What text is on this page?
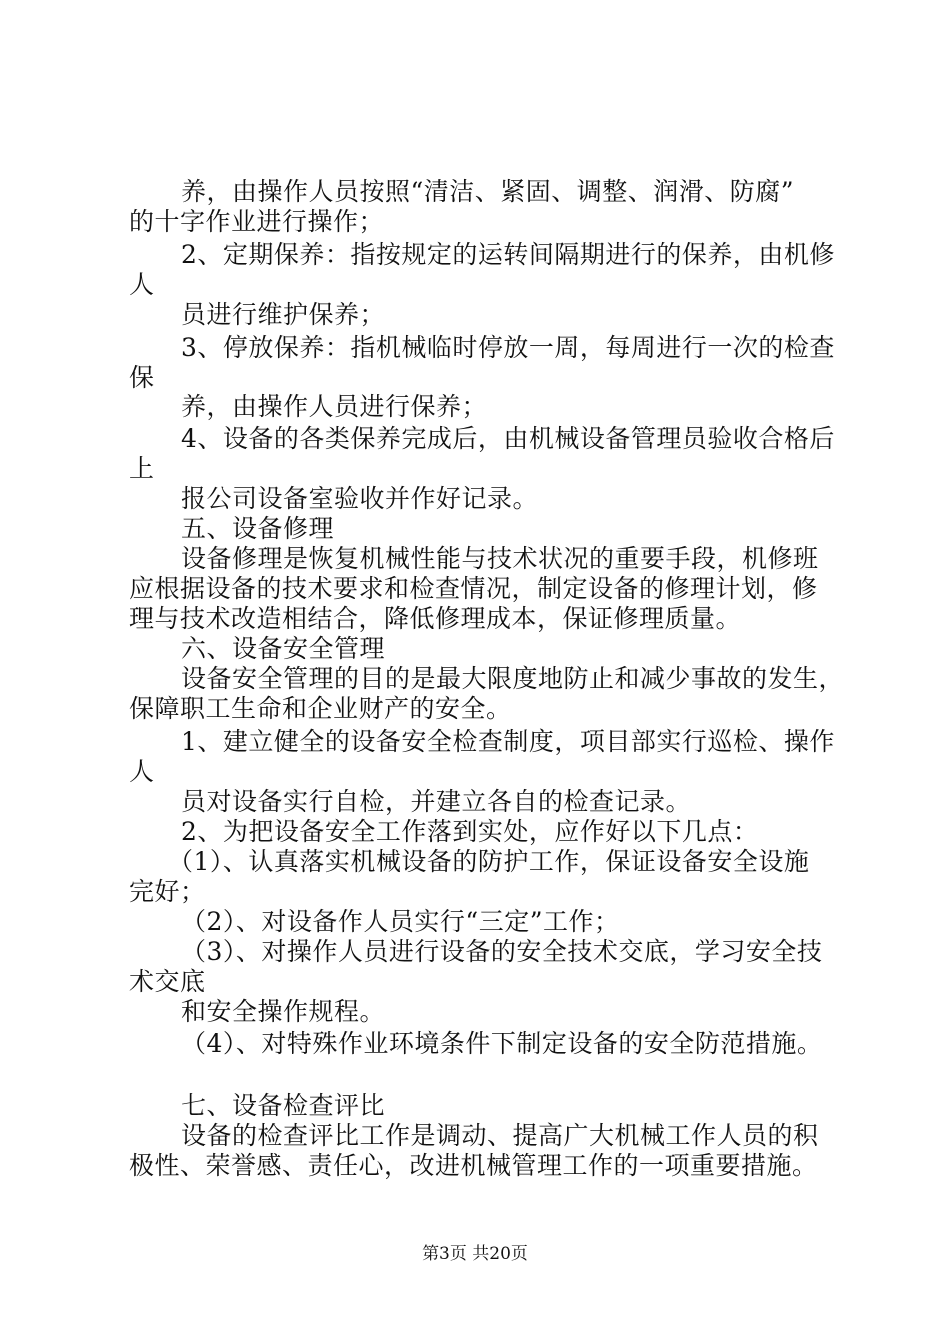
养，由操作人员按照“清洁、紧固、调整、润滑、防腐”
的十字作业进行操作；
2、定期保养：指按规定的运转间隔期进行的保养，由机修
人
员进行维护保养；
3、停放保养：指机械临时停放一周，每周进行一次的检查
保
养，由操作人员进行保养；
4、设备的各类保养完成后，由机械设备管理员验收合格后
上
报公司设备室验收并作好记录。
五、设备修理
设备修理是恢复机械性能与技术状况的重要手段，机修班
应根据设备的技术要求和检查情况，制定设备的修理计划，修
理与技术改造相结合，降低修理成本，保证修理质量。
六、设备安全管理
设备安全管理的目的是最大限度地防止和减少事故的发生，
保障职工生命和企业财产的安全。
1、建立健全的设备安全检查制度，项目部实行巡检、操作
人
员对设备实行自检，并建立各自的检查记录。
2、为把设备安全工作落到实处，应作好以下几点：
（1）、认真落实机械设备的防护工作，保证设备安全设施
完好；
（2）、对设备作人员实行“三定”工作；
（3）、对操作人员进行设备的安全技术交底，学习安全技
术交底
和安全操作规程。
（4）、对特殊作业环境条件下制定设备的安全防范措施。
七、设备检查评比
设备的检查评比工作是调动、提高广大机械工作人员的积
极性、荣誉感、责任心，改进机械管理工作的一项重要措施。
第3页 共20页
